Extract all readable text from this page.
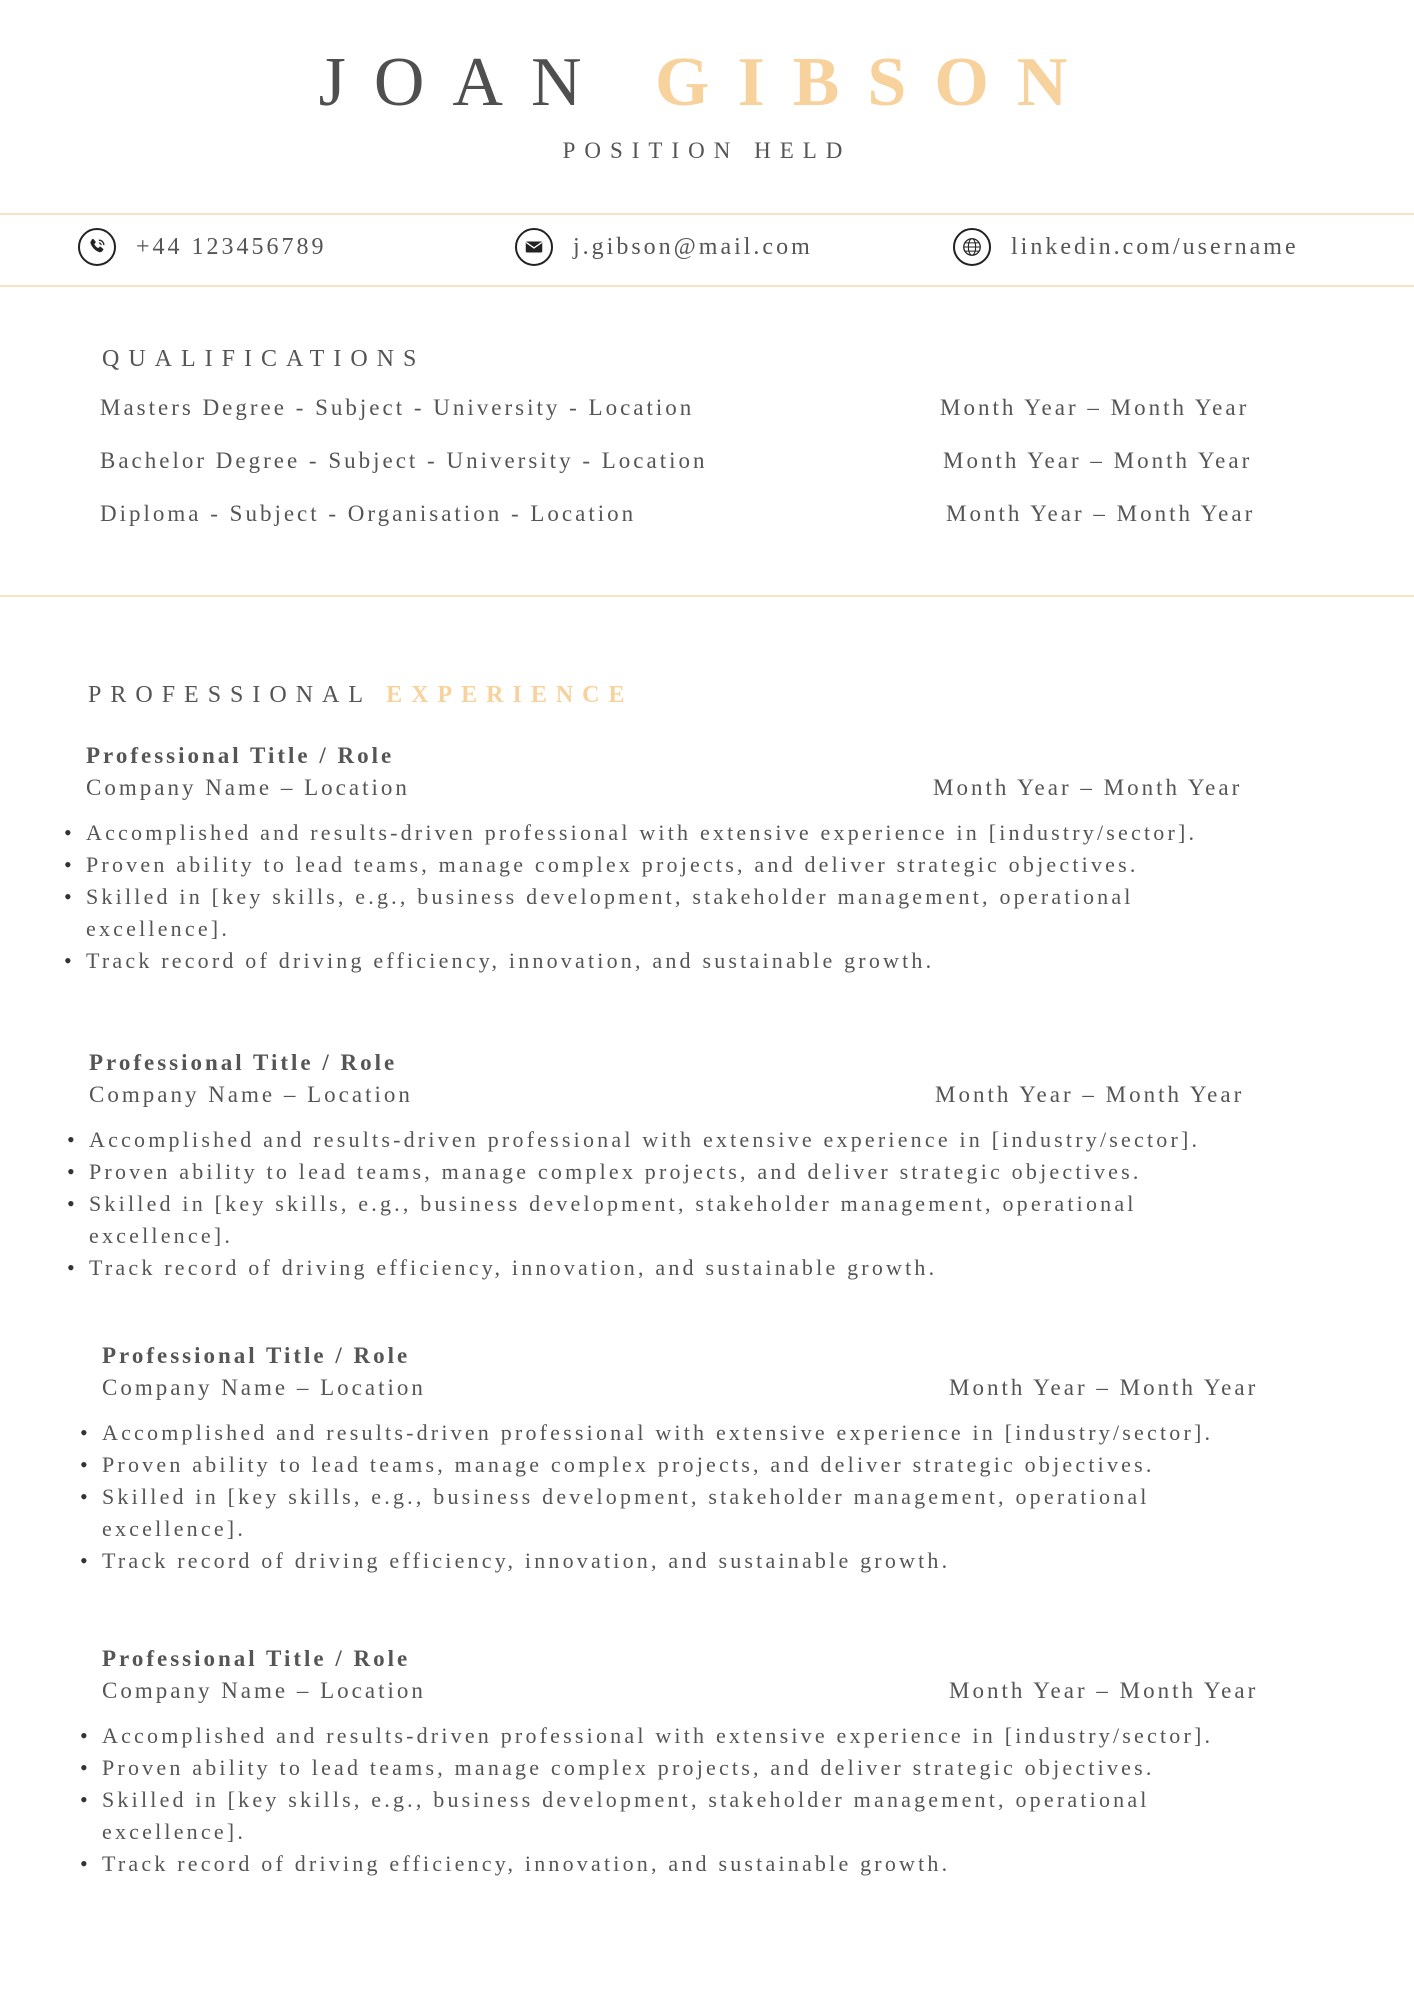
JOAN GIBSON
POSITION HELD
+44 123456789	j.gibson@mail.com	linkedin.com/username
QUALIFICATIONS
Masters Degree - Subject - University - Location	Month Year – Month Year
Bachelor Degree - Subject - University - Location	Month Year – Month Year
Diploma - Subject - Organisation - Location	Month Year – Month Year
PROFESSIONAL EXPERIENCE
Professional Title / Role
Company Name – Location	Month Year – Month Year
• Accomplished and results-driven professional with extensive experience in [industry/sector].
• Proven ability to lead teams, manage complex projects, and deliver strategic objectives.
• Skilled in [key skills, e.g., business development, stakeholder management, operational excellence].
• Track record of driving efficiency, innovation, and sustainable growth.
Professional Title / Role
Company Name – Location	Month Year – Month Year
• Accomplished and results-driven professional with extensive experience in [industry/sector].
• Proven ability to lead teams, manage complex projects, and deliver strategic objectives.
• Skilled in [key skills, e.g., business development, stakeholder management, operational excellence].
• Track record of driving efficiency, innovation, and sustainable growth.
Professional Title / Role
Company Name – Location	Month Year – Month Year
• Accomplished and results-driven professional with extensive experience in [industry/sector].
• Proven ability to lead teams, manage complex projects, and deliver strategic objectives.
• Skilled in [key skills, e.g., business development, stakeholder management, operational excellence].
• Track record of driving efficiency, innovation, and sustainable growth.
Professional Title / Role
Company Name – Location	Month Year – Month Year
• Accomplished and results-driven professional with extensive experience in [industry/sector].
• Proven ability to lead teams, manage complex projects, and deliver strategic objectives.
• Skilled in [key skills, e.g., business development, stakeholder management, operational excellence].
• Track record of driving efficiency, innovation, and sustainable growth.
